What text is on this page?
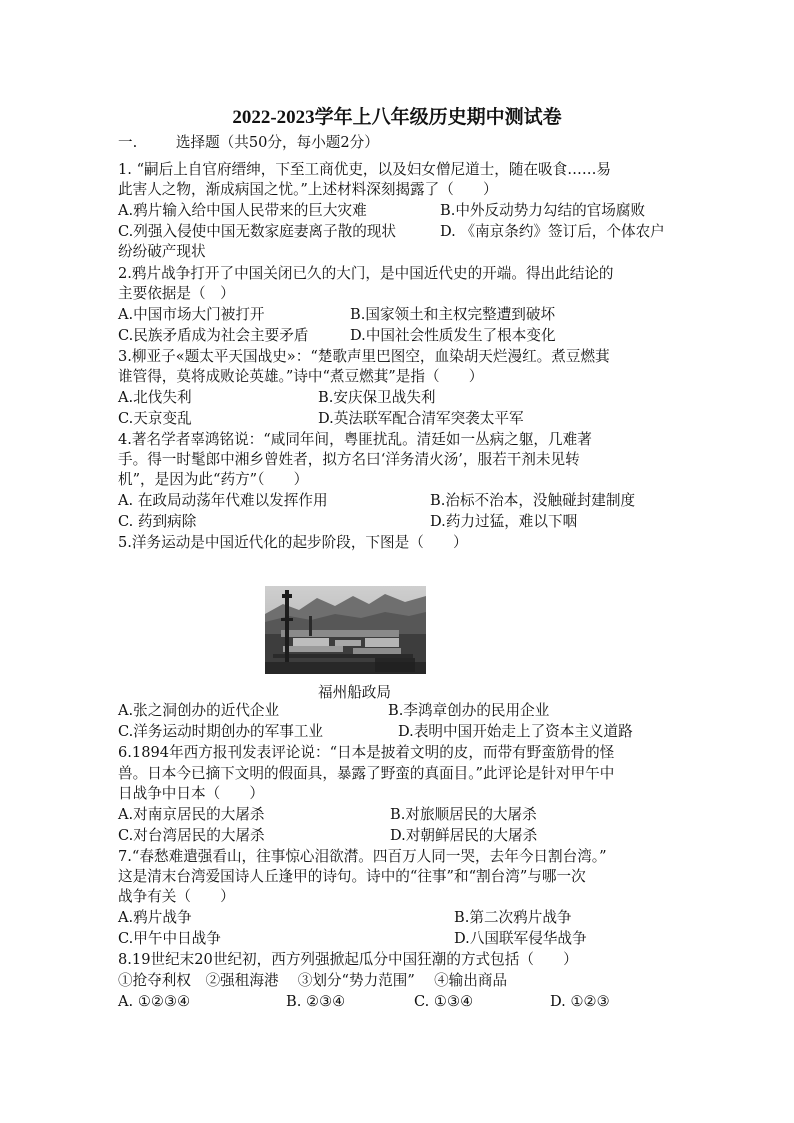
2022-2023学年上八年级历史期中测试卷
一.	选择题（共50分，每小题2分）
1. “嗣后上自官府缙绅，下至工商优吏，以及妇女僧尼道士，随在吸食……易
此害人之物，渐成病国之忧。”上述材料深刻揭露了（　　）
A.鸦片输入给中国人民带来的巨大灾难	B.中外反动势力勾结的官场腐败
C.列强入侵使中国无数家庭妻离子散的现状	D. 《南京条约》签订后，个体农户
纷纷破产现状
2.鸦片战争打开了中国关闭已久的大门，是中国近代史的开端。得出此结论的
主要依据是（　）
A.中国市场大门被打开	B.国家领土和主权完整遭到破坏
C.民族矛盾成为社会主要矛盾	D.中国社会性质发生了根本变化
3.柳亚子«题太平天国战史»：“楚歌声里巴图空，血染胡天烂漫红。煮豆燃萁
谁管得，莫将成败论英雄。”诗中“煮豆燃萁”是指（　　）
A.北伐失利	B.安庆保卫战失利
C.天京变乱	D.英法联军配合清军突袭太平军
4.著名学者辜鸿铭说：“咸同年间，粤匪扰乱。清廷如一丛病之躯，几难著
手。得一时髦郎中湘乡曾姓者，拟方名曰‘洋务清火汤’，服若干剂未见转
机”，是因为此“药方”（　　）
A. 在政局动荡年代难以发挥作用	B.治标不治本，没触碰封建制度
C. 药到病除	D.药力过猛，难以下咽
5.洋务运动是中国近代化的起步阶段，下图是（　　）
福州船政局
A.张之洞创办的近代企业	B.李鸿章创办的民用企业
C.洋务运动时期创办的军事工业	D.表明中国开始走上了资本主义道路
6.1894年西方报刊发表评论说：“日本是披着文明的皮，而带有野蛮筋骨的怪
兽。日本今已摘下文明的假面具，暴露了野蛮的真面目。”此评论是针对甲午中
日战争中日本（　　）
A.对南京居民的大屠杀	B.对旅顺居民的大屠杀
C.对台湾居民的大屠杀	D.对朝鲜居民的大屠杀
7.“春愁难遣强看山，往事惊心泪欲潸。四百万人同一哭，去年今日割台湾。”
这是清末台湾爱国诗人丘逢甲的诗句。诗中的“往事”和“割台湾”与哪一次
战争有关（　　）
A.鸦片战争	B.第二次鸦片战争
C.甲午中日战争	D.八国联军侵华战争
8.19世纪末20世纪初，西方列强掀起瓜分中国狂潮的方式包括（　　）
①抢夺利权　②强租海港　 ③划分“势力范围”　 ④输出商品
A. ①②③④	B. ②③④	C. ①③④	D. ①②③
